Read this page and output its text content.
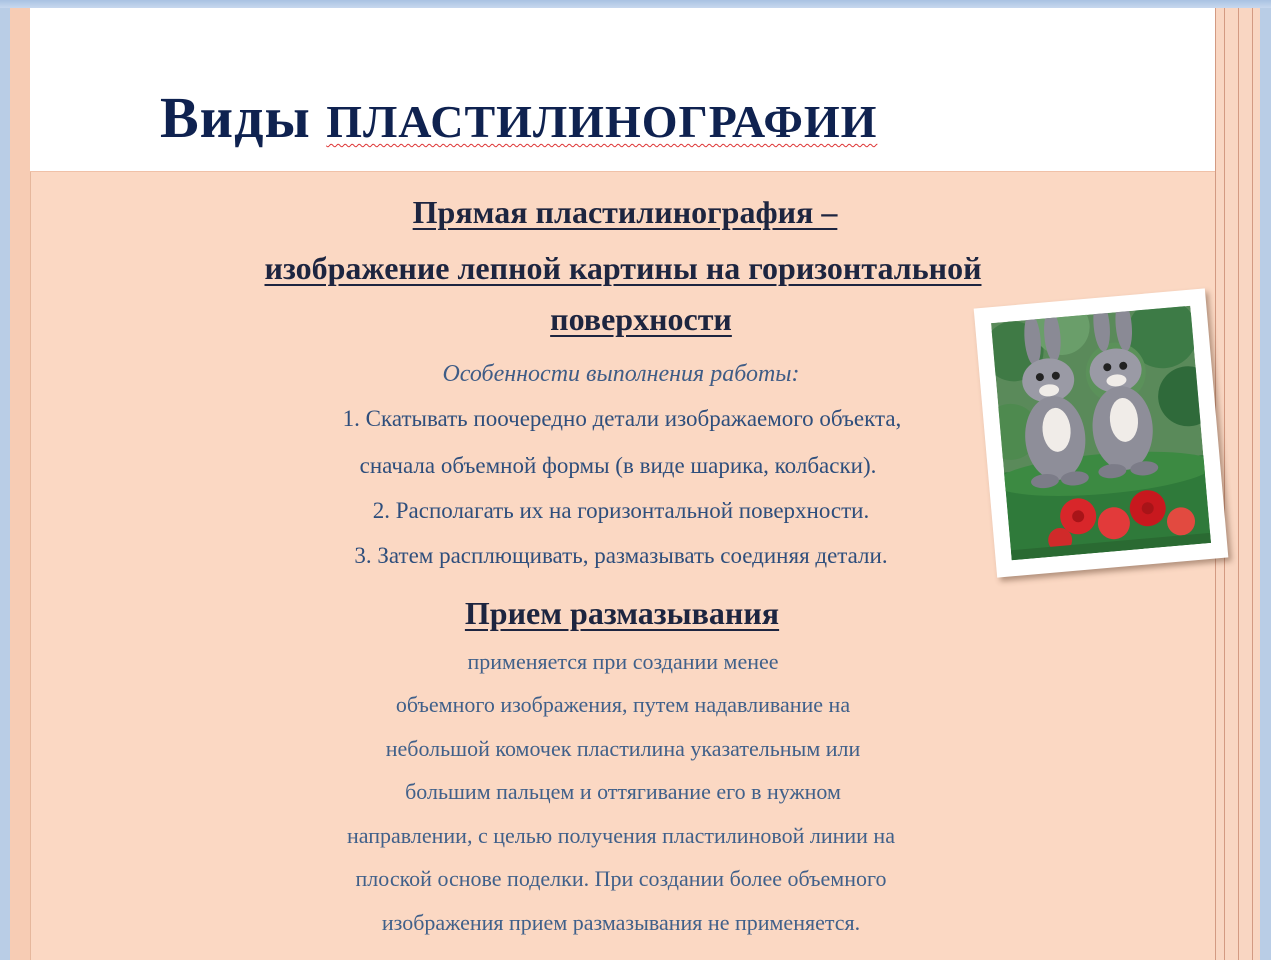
Виды ПЛАСТИЛИНОГРАФИИ
Прямая пластилинография –
изображение лепной картины на горизонтальной
поверхности
Особенности выполнения работы:
1. Скатывать поочередно детали изображаемого объекта,
сначала объемной формы (в виде шарика, колбаски).
2. Располагать их на горизонтальной поверхности.
3. Затем расплющивать, размазывать соединяя детали.
Прием размазывания
применяется при создании менее
объемного изображения, путем надавливание на
небольшой комочек пластилина указательным или
большим пальцем и оттягивание его в нужном
направлении, с целью получения пластилиновой линии на
плоской основе поделки. При создании более объемного
изображения прием размазывания не применяется.
